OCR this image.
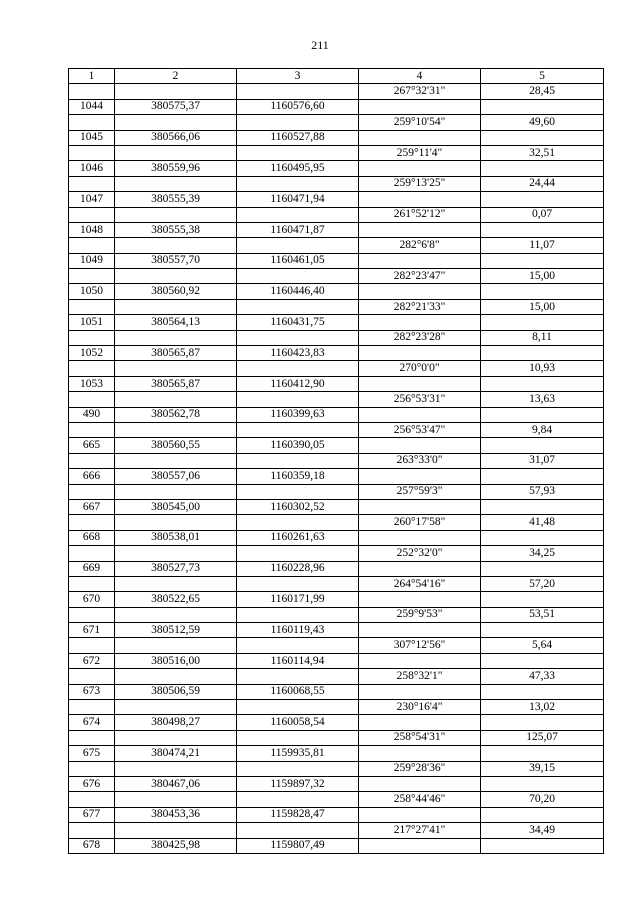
211
1	2	3	4	5
			267°32'31"	28,45
1044	380575,37	1160576,60		
			259°10'54"	49,60
1045	380566,06	1160527,88		
			259°11'4"	32,51
1046	380559,96	1160495,95		
			259°13'25"	24,44
1047	380555,39	1160471,94		
			261°52'12"	0,07
1048	380555,38	1160471,87		
			282°6'8"	11,07
1049	380557,70	1160461,05		
			282°23'47"	15,00
1050	380560,92	1160446,40		
			282°21'33"	15,00
1051	380564,13	1160431,75		
			282°23'28"	8,11
1052	380565,87	1160423,83		
			270°0'0"	10,93
1053	380565,87	1160412,90		
			256°53'31"	13,63
490	380562,78	1160399,63		
			256°53'47"	9,84
665	380560,55	1160390,05		
			263°33'0"	31,07
666	380557,06	1160359,18		
			257°59'3"	57,93
667	380545,00	1160302,52		
			260°17'58"	41,48
668	380538,01	1160261,63		
			252°32'0"	34,25
669	380527,73	1160228,96		
			264°54'16"	57,20
670	380522,65	1160171,99		
			259°9'53"	53,51
671	380512,59	1160119,43		
			307°12'56"	5,64
672	380516,00	1160114,94		
			258°32'1"	47,33
673	380506,59	1160068,55		
			230°16'4"	13,02
674	380498,27	1160058,54		
			258°54'31"	125,07
675	380474,21	1159935,81		
			259°28'36"	39,15
676	380467,06	1159897,32		
			258°44'46"	70,20
677	380453,36	1159828,47		
			217°27'41"	34,49
678	380425,98	1159807,49		
